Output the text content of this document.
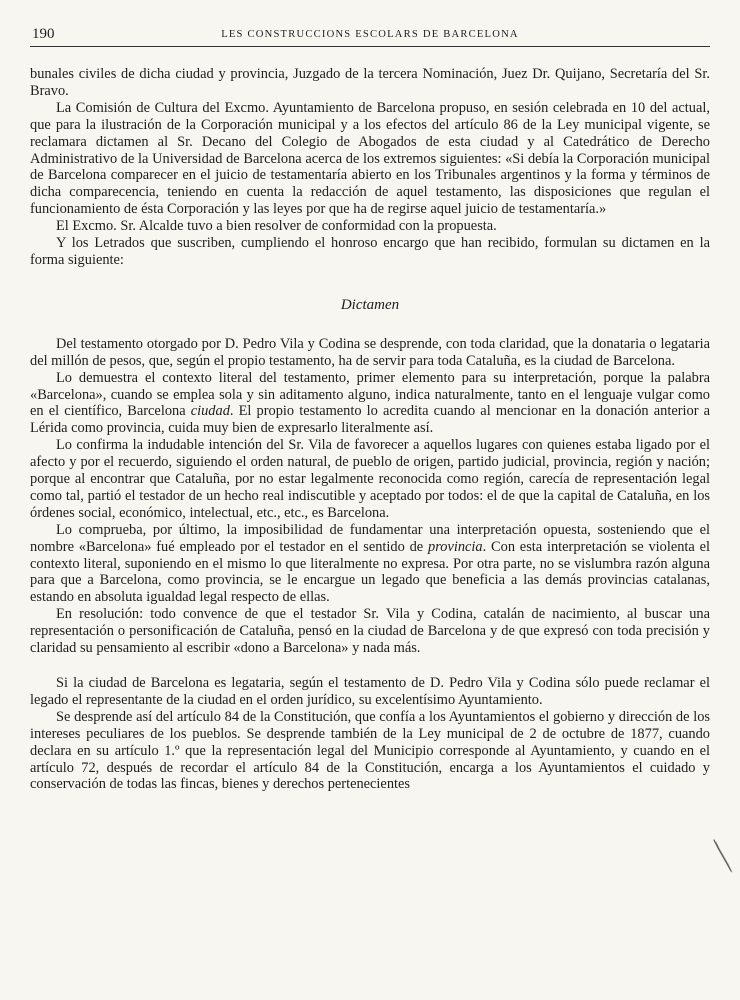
190	LES CONSTRUCCIONS ESCOLARS DE BARCELONA

bunales civiles de dicha ciudad y provincia, Juzgado de la tercera Nominación, Juez Dr. Quijano, Secretaría del Sr. Bravo.

La Comisión de Cultura del Excmo. Ayuntamiento de Barcelona propuso, en sesión celebrada en 10 del actual, que para la ilustración de la Corporación municipal y a los efectos del artículo 86 de la Ley municipal vigente, se reclamara dictamen al Sr. Decano del Colegio de Abogados de esta ciudad y al Catedrático de Derecho Administrativo de la Universidad de Barcelona acerca de los extremos siguientes: «Si debía la Corporación municipal de Barcelona comparecer en el juicio de testamentaría abierto en los Tribunales argentinos y la forma y términos de dicha comparecencia, teniendo en cuenta la redacción de aquel testamento, las disposiciones que regulan el funcionamiento de ésta Corporación y las leyes por que ha de regirse aquel juicio de testamentaría.»

El Excmo. Sr. Alcalde tuvo a bien resolver de conformidad con la propuesta.

Y los Letrados que suscriben, cumpliendo el honroso encargo que han recibido, formulan su dictamen en la forma siguiente:

Dictamen

Del testamento otorgado por D. Pedro Vila y Codina se desprende, con toda claridad, que la donataria o legataria del millón de pesos, que, según el propio testamento, ha de servir para toda Cataluña, es la ciudad de Barcelona.

Lo demuestra el contexto literal del testamento, primer elemento para su interpretación, porque la palabra «Barcelona», cuando se emplea sola y sin aditamento alguno, indica naturalmente, tanto en el lenguaje vulgar como en el científico, Barcelona ciudad. El propio testamento lo acredita cuando al mencionar en la donación anterior a Lérida como provincia, cuida muy bien de expresarlo literalmente así.

Lo confirma la indudable intención del Sr. Vila de favorecer a aquellos lugares con quienes estaba ligado por el afecto y por el recuerdo, siguiendo el orden natural, de pueblo de origen, partido judicial, provincia, región y nación; porque al encontrar que Cataluña, por no estar legalmente reconocida como región, carecía de representación legal como tal, partió el testador de un hecho real indiscutible y aceptado por todos: el de que la capital de Cataluña, en los órdenes social, económico, intelectual, etc., etc., es Barcelona.

Lo comprueba, por último, la imposibilidad de fundamentar una interpretación opuesta, sosteniendo que el nombre «Barcelona» fué empleado por el testador en el sentido de provincia. Con esta interpretación se violenta el contexto literal, suponiendo en el mismo lo que literalmente no expresa. Por otra parte, no se vislumbra razón alguna para que a Barcelona, como provincia, se le encargue un legado que beneficia a las demás provincias catalanas, estando en absoluta igualdad legal respecto de ellas.

En resolución: todo convence de que el testador Sr. Vila y Codina, catalán de nacimiento, al buscar una representación o personificación de Cataluña, pensó en la ciudad de Barcelona y de que expresó con toda precisión y claridad su pensamiento al escribir «dono a Barcelona» y nada más.

Si la ciudad de Barcelona es legataria, según el testamento de D. Pedro Vila y Codina sólo puede reclamar el legado el representante de la ciudad en el orden jurídico, su excelentísimo Ayuntamiento.

Se desprende así del artículo 84 de la Constitución, que confía a los Ayuntamientos el gobierno y dirección de los intereses peculiares de los pueblos. Se desprende también de la Ley municipal de 2 de octubre de 1877, cuando declara en su artículo 1.º que la representación legal del Municipio corresponde al Ayuntamiento, y cuando en el artículo 72, después de recordar el artículo 84 de la Constitución, encarga a los Ayuntamientos el cuidado y conservación de todas las fincas, bienes y derechos pertenecientes
